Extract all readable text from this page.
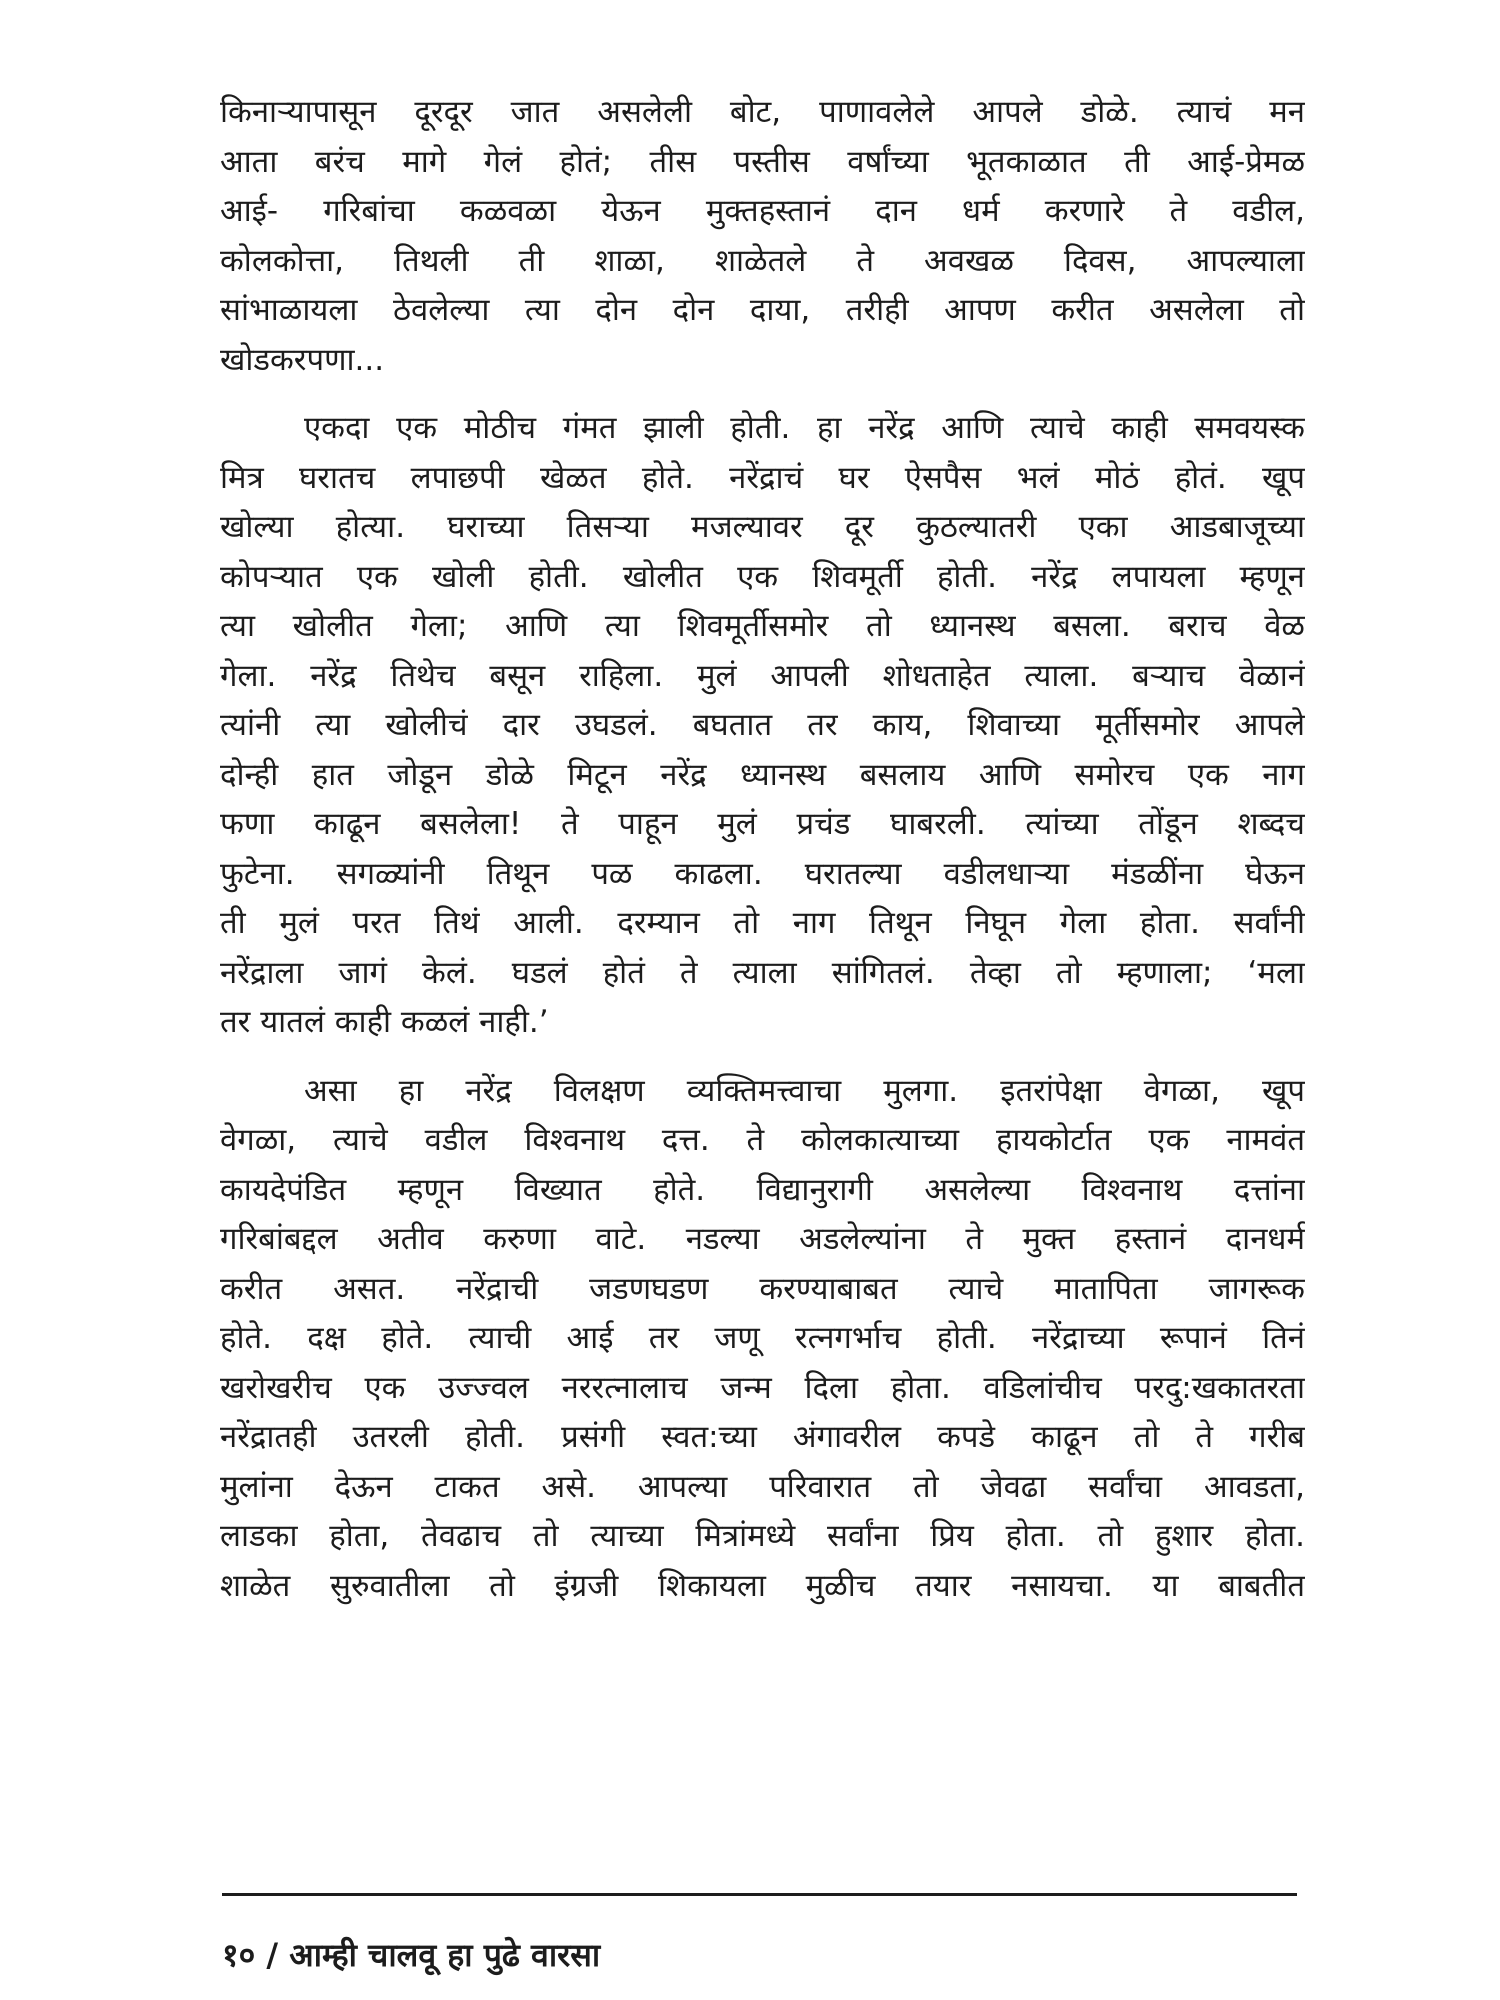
किनाऱ्यापासून दूरदूर जात असलेली बोट, पाणावलेले आपले डोळे. त्याचं मन
आता बरंच मागे गेलं होतं; तीस पस्तीस वर्षांच्या भूतकाळात ती आई-प्रेमळ
आई- गरिबांचा कळवळा येऊन मुक्तहस्तानं दान धर्म करणारे ते वडील,
कोलकोत्ता, तिथली ती शाळा, शाळेतले ते अवखळ दिवस, आपल्याला
सांभाळायला ठेवलेल्या त्या दोन दोन दाया, तरीही आपण करीत असलेला तो
खोडकरपणा...
एकदा एक मोठीच गंमत झाली होती. हा नरेंद्र आणि त्याचे काही समवयस्क
मित्र घरातच लपाछपी खेळत होते. नरेंद्राचं घर ऐसपैस भलं मोठं होतं. खूप
खोल्या होत्या. घराच्या तिसऱ्या मजल्यावर दूर कुठल्यातरी एका आडबाजूच्या
कोपऱ्यात एक खोली होती. खोलीत एक शिवमूर्ती होती. नरेंद्र लपायला म्हणून
त्या खोलीत गेला; आणि त्या शिवमूर्तीसमोर तो ध्यानस्थ बसला. बराच वेळ
गेला. नरेंद्र तिथेच बसून राहिला. मुलं आपली शोधताहेत त्याला. बऱ्याच वेळानं
त्यांनी त्या खोलीचं दार उघडलं. बघतात तर काय, शिवाच्या मूर्तीसमोर आपले
दोन्ही हात जोडून डोळे मिटून नरेंद्र ध्यानस्थ बसलाय आणि समोरच एक नाग
फणा काढून बसलेला! ते पाहून मुलं प्रचंड घाबरली. त्यांच्या तोंडून शब्दच
फुटेना. सगळ्यांनी तिथून पळ काढला. घरातल्या वडीलधाऱ्या मंडळींना घेऊन
ती मुलं परत तिथं आली. दरम्यान तो नाग तिथून निघून गेला होता. सर्वांनी
नरेंद्राला जागं केलं. घडलं होतं ते त्याला सांगितलं. तेव्हा तो म्हणाला; ‘मला
तर यातलं काही कळलं नाही.’
असा हा नरेंद्र विलक्षण व्यक्तिमत्त्वाचा मुलगा. इतरांपेक्षा वेगळा, खूप
वेगळा, त्याचे वडील विश्वनाथ दत्त. ते कोलकात्याच्या हायकोर्टात एक नामवंत
कायदेपंडित म्हणून विख्यात होते. विद्यानुरागी असलेल्या विश्वनाथ दत्तांना
गरिबांबद्दल अतीव करुणा वाटे. नडल्या अडलेल्यांना ते मुक्त हस्तानं दानधर्म
करीत असत. नरेंद्राची जडणघडण करण्याबाबत त्याचे मातापिता जागरूक
होते. दक्ष होते. त्याची आई तर जणू रत्नगर्भाच होती. नरेंद्राच्या रूपानं तिनं
खरोखरीच एक उज्ज्वल नररत्नालाच जन्म दिला होता. वडिलांचीच परदु:खकातरता
नरेंद्रातही उतरली होती. प्रसंगी स्वत:च्या अंगावरील कपडे काढून तो ते गरीब
मुलांना देऊन टाकत असे. आपल्या परिवारात तो जेवढा सर्वांचा आवडता,
लाडका होता, तेवढाच तो त्याच्या मित्रांमध्ये सर्वांना प्रिय होता. तो हुशार होता.
शाळेत सुरुवातीला तो इंग्रजी शिकायला मुळीच तयार नसायचा. या बाबतीत
१० / आम्ही चालवू हा पुढे वारसा
